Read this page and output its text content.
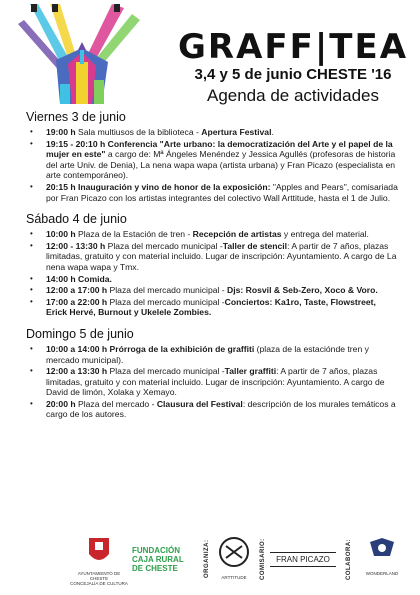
GRAFF|TEA
3,4 y 5 de junio CHESTE '16
Agenda de actividades
Viernes 3 de junio
• 19:00 h Sala multiusos de la biblioteca - Apertura Festival.
• 19:15 - 20:10 h Conferencia "Arte urbano: la democratización del Arte y el papel de la mujer en este" a cargo de: Mª Ángeles Menéndez y Jessica Agullés (profesoras de historia del arte Univ. de Denia), La nena wapa wapa (artista urbana) y Fran Picazo (especialista en arte contemporáneo).
• 20:15 h Inauguración y vino de honor de la exposición: "Apples and Pears", comisariada por Fran Picazo con los artistas integrantes del colectivo Wall Arttitude, hasta el 1 de Julio.
Sábado 4 de junio
• 10:00 h Plaza de la Estación de tren - Recepción de artistas y entrega del material.
• 12:00 - 13:30 h Plaza del mercado municipal -Taller de stencil: A partir de 7 años, plazas limitadas, gratuito y con material incluido. Lugar de inscripción: Ayuntamiento. A cargo de La nena wapa wapa y Tmx.
• 14:00 h Comida.
• 12:00 a 17:00 h Plaza del mercado municipal - Djs: Rosvil & Seb-Zero, Xoco & Voro.
• 17:00 a 22:00 h Plaza del mercado municipal -Conciertos: Ka1ro, Taste, Flowstreet, Erick Hervé, Burnout y Ukelele Zombies.
Domingo 5 de junio
• 10:00 a 14:00 h Prórroga de la exhibición de graffiti (plaza de la estacióndе tren y mercado municipal).
• 12:00 a 13:30 h Plaza del mercado municipal -Taller graffiti: A partir de 7 años, plazas limitadas, gratuito y con material incluido. Lugar de inscripción: Ayuntamiento. A cargo de David de limón, Xolaka y Xemayo.
• 20:00 h Plaza del mercado - Clausura del Festival: descripción de los murales temáticos a cargo de los autores.
AYUNTAMIENTO DE CHESTE
CONCEJALÍA DE CULTURA
FUNDACIÓN
CAJA RURAL
DE CHESTE	ORGANIZA:	ARTTITUDE	COMISARIO:	FRAN PICAZO	COLABORA:	WONDERLAND
